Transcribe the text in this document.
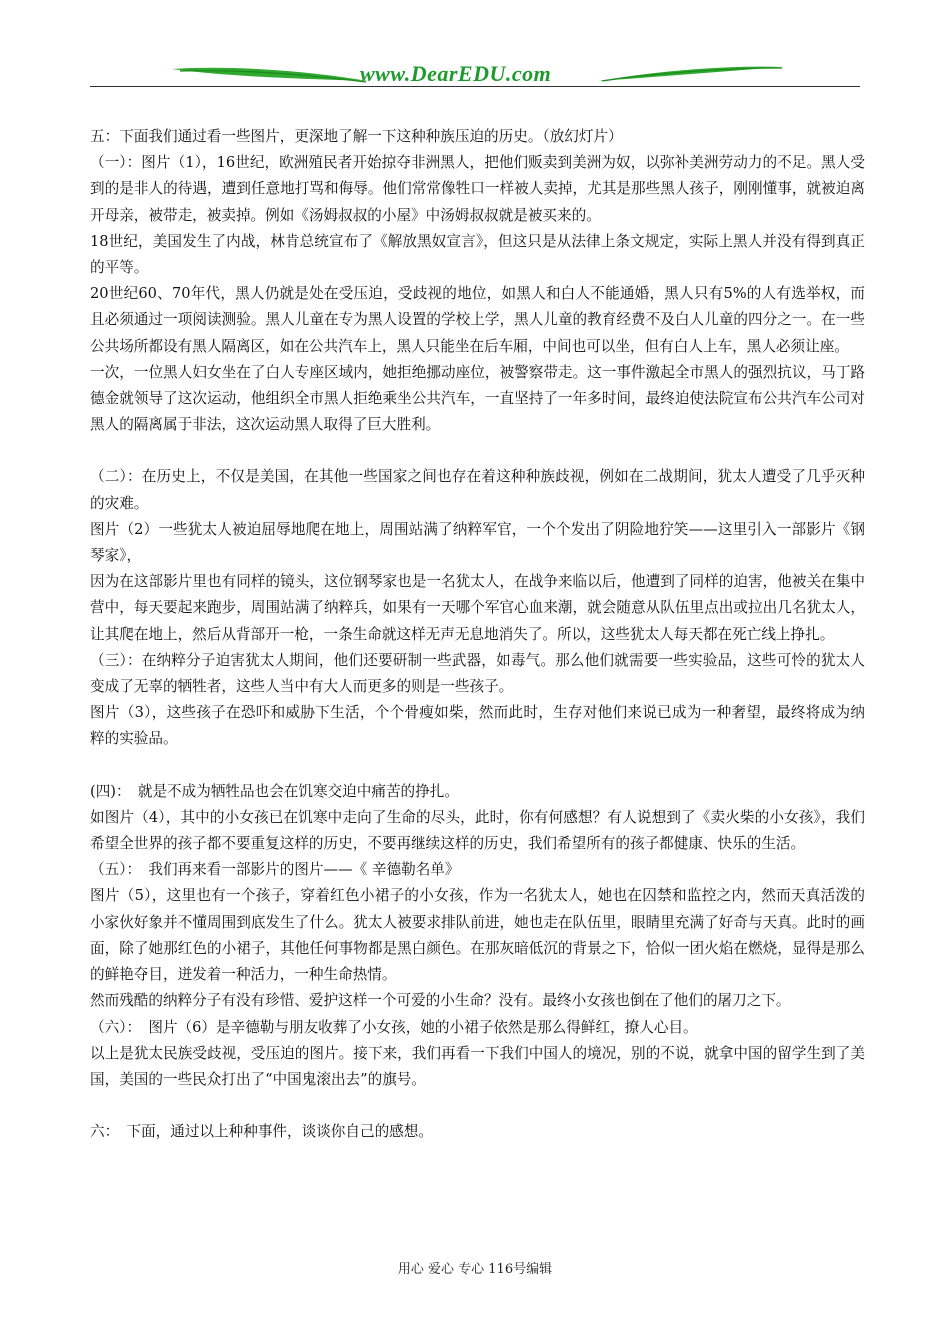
www.DearEDU.com

五：下面我们通过看一些图片，更深地了解一下这种种族压迫的历史。（放幻灯片）

（一）：图片（1），16世纪，欧洲殖民者开始掠夺非洲黑人，把他们贩卖到美洲为奴，以弥补美洲劳动力的不足。黑人受到的是非人的待遇，遭到任意地打骂和侮辱。他们常常像牲口一样被人卖掉，尤其是那些黑人孩子，刚刚懂事，就被迫离开母亲，被带走，被卖掉。例如《汤姆叔叔的小屋》中汤姆叔叔就是被买来的。

18世纪，美国发生了内战，林肯总统宣布了《解放黑奴宣言》，但这只是从法律上条文规定，实际上黑人并没有得到真正的平等。

20世纪60、70年代，黑人仍就是处在受压迫，受歧视的地位，如黑人和白人不能通婚，黑人只有5%的人有选举权，而且必须通过一项阅读测验。黑人儿童在专为黑人设置的学校上学，黑人儿童的教育经费不及白人儿童的四分之一。在一些公共场所都设有黑人隔离区，如在公共汽车上，黑人只能坐在后车厢，中间也可以坐，但有白人上车，黑人必须让座。

一次，一位黑人妇女坐在了白人专座区域内，她拒绝挪动座位，被警察带走。这一事件激起全市黑人的强烈抗议，马丁路德金就领导了这次运动，他组织全市黑人拒绝乘坐公共汽车，一直坚持了一年多时间，最终迫使法院宣布公共汽车公司对黑人的隔离属于非法，这次运动黑人取得了巨大胜利。

（二）：在历史上，不仅是美国，在其他一些国家之间也存在着这种种族歧视，例如在二战期间，犹太人遭受了几乎灭种的灾难。

图片（2）一些犹太人被迫屈辱地爬在地上，周围站满了纳粹军官，一个个发出了阴险地狞笑——这里引入一部影片《钢琴家》，

因为在这部影片里也有同样的镜头，这位钢琴家也是一名犹太人，在战争来临以后，他遭到了同样的迫害，他被关在集中营中，每天要起来跑步，周围站满了纳粹兵，如果有一天哪个军官心血来潮，就会随意从队伍里点出或拉出几名犹太人，让其爬在地上，然后从背部开一枪，一条生命就这样无声无息地消失了。所以，这些犹太人每天都在死亡线上挣扎。

（三）：在纳粹分子迫害犹太人期间，他们还要研制一些武器，如毒气。那么他们就需要一些实验品，这些可怜的犹太人变成了无辜的牺牲者，这些人当中有大人而更多的则是一些孩子。

图片（3），这些孩子在恐吓和威胁下生活，个个骨瘦如柴，然而此时，生存对他们来说已成为一种奢望，最终将成为纳粹的实验品。

(四)：　就是不成为牺牲品也会在饥寒交迫中痛苦的挣扎。

如图片（4），其中的小女孩已在饥寒中走向了生命的尽头，此时，你有何感想？有人说想到了《卖火柴的小女孩》，我们希望全世界的孩子都不要重复这样的历史，不要再继续这样的历史，我们希望所有的孩子都健康、快乐的生活。

（五）：　我们再来看一部影片的图片——《 辛德勒名单》

图片（5），这里也有一个孩子，穿着红色小裙子的小女孩，作为一名犹太人，她也在囚禁和监控之内，然而天真活泼的小家伙好象并不懂周围到底发生了什么。犹太人被要求排队前进，她也走在队伍里，眼睛里充满了好奇与天真。此时的画面，除了她那红色的小裙子，其他任何事物都是黑白颜色。在那灰暗低沉的背景之下，恰似一团火焰在燃烧，显得是那么的鲜艳夺目，迸发着一种活力，一种生命热情。

然而残酷的纳粹分子有没有珍惜、爱护这样一个可爱的小生命？没有。最终小女孩也倒在了他们的屠刀之下。

（六）：　图片（6）是辛德勒与朋友收葬了小女孩，她的小裙子依然是那么得鲜红，撩人心目。

以上是犹太民族受歧视，受压迫的图片。接下来，我们再看一下我们中国人的境况，别的不说，就拿中国的留学生到了美国，美国的一些民众打出了“中国鬼滚出去”的旗号。

六：　下面，通过以上种种事件，谈谈你自己的感想。

用心 爱心 专心 116号编辑
